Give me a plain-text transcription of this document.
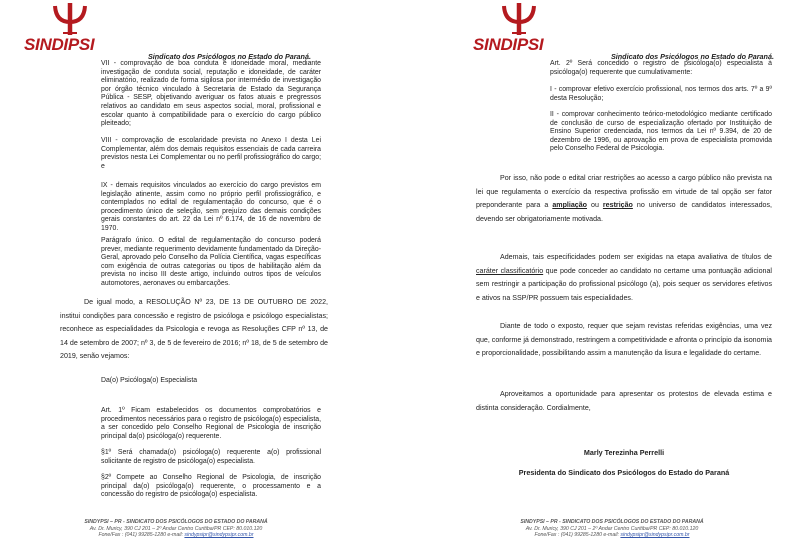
SINDIPSI
Sindicato dos Psicólogos no Estado do Paraná.
VII - comprovação de boa conduta e idoneidade moral, mediante investigação de conduta social, reputação e idoneidade, de caráter eliminatório, realizado de forma sigilosa por intermédio de investigação por órgão técnico vinculado à Secretaria de Estado da Segurança Pública - SESP, objetivando averiguar os fatos atuais e pregressos relativos ao candidato em seus aspectos social, moral, profissional e escolar quanto à compatibilidade para o exercício do cargo público pleiteado;
VIII - comprovação de escolaridade prevista no Anexo I desta Lei Complementar, além dos demais requisitos essenciais de cada carreira previstos nesta Lei Complementar ou no perfil profissiográfico do cargo; e
IX - demais requisitos vinculados ao exercício do cargo previstos em legislação atinente, assim como no próprio perfil profissiográfico, e contemplados no edital de regulamentação do concurso, que é o procedimento único de seleção, sem prejuízo das demais condições gerais constantes do art. 22 da Lei nº 6.174, de 16 de novembro de 1970.
Parágrafo único. O edital de regulamentação do concurso poderá prever, mediante requerimento devidamente fundamentado da Direção-Geral, aprovado pelo Conselho da Polícia Científica, vagas específicas com exigência de outras categorias ou tipos de habilitação além da prevista no inciso III deste artigo, incluindo outros tipos de veículos automotores, aeronaves ou embarcações.

De igual modo, a RESOLUÇÃO Nº 23, DE 13 DE OUTUBRO DE 2022, institui condições para concessão e registro de psicóloga e psicólogo especialistas; reconhece as especialidades da Psicologia e revoga as Resoluções CFP nº 13, de 14 de setembro de 2007; nº 3, de 5 de fevereiro de 2016; nº 18, de 5 de setembro de 2019, senão vejamos:

Da(o) Psicóloga(o) Especialista
Art. 1º Ficam estabelecidos os documentos comprobatórios e procedimentos necessários para o registro de psicóloga(o) especialista, a ser concedido pelo Conselho Regional de Psicologia de inscrição principal da(o) psicóloga(o) requerente.
§1º Será chamada(o) psicóloga(o) requerente a(o) profissional solicitante de registro de psicóloga(o) especialista.
§2º Compete ao Conselho Regional de Psicologia, de inscrição principal da(o) psicóloga(o) requerente, o processamento e a concessão do registro de psicóloga(o) especialista.
SINDYPSI – PR - SINDICATO DOS PSICÓLOGOS DO ESTADO DO PARANÁ
Av. Dr. Muricy, 390 CJ 201 – 2º Andar Centro Curitiba/PR CEP: 80.010.120
Fone/Fax : (041) 99285-1280 e-mail: sindypsipr@sindypsipr.com.br
SINDIPSI
Sindicato dos Psicólogos no Estado do Paraná.
Art. 2º Será concedido o registro de psicóloga(o) especialista à psicóloga(o) requerente que cumulativamente:
I - comprovar efetivo exercício profissional, nos termos dos arts. 7º a 9º desta Resolução;
II - comprovar conhecimento teórico-metodológico mediante certificado de conclusão de curso de especialização ofertado por Instituição de Ensino Superior credenciada, nos termos da Lei nº 9.394, de 20 de dezembro de 1996, ou aprovação em prova de especialista promovida pelo Conselho Federal de Psicologia.

Por isso, não pode o edital criar restrições ao acesso a cargo público não prevista na lei que regulamenta o exercício da respectiva profissão em virtude de tal opção ser fator preponderante para a ampliação ou restrição no universo de candidatos interessados, devendo ser obrigatoriamente motivada.

Ademais, tais especificidades podem ser exigidas na etapa avaliativa de títulos de caráter classificatório que pode conceder ao candidato no certame uma pontuação adicional sem restringir a participação do profissional psicólogo (a), pois sequer os servidores efetivos e ativos na SSP/PR possuem tais especialidades.

Diante de todo o exposto, requer que sejam revistas referidas exigências, uma vez que, conforme já demonstrado, restringem a competitividade e afronta o princípio da isonomia e proporcionalidade, possibilitando assim a manutenção da lisura e legalidade do certame.

Aproveitamos a oportunidade para apresentar os protestos de elevada estima e distinta consideração. Cordialmente,

Marly Terezinha Perrelli
Presidenta do Sindicato dos Psicólogos do Estado do Paraná
SINDYPSI – PR - SINDICATO DOS PSICÓLOGOS DO ESTADO DO PARANÁ
Av. Dr. Muricy, 390 CJ 201 – 2º Andar Centro Curitiba/PR CEP: 80.010.120
Fone/Fax : (041) 99285-1280 e-mail: sindypsipr@sindypsipr.com.br
